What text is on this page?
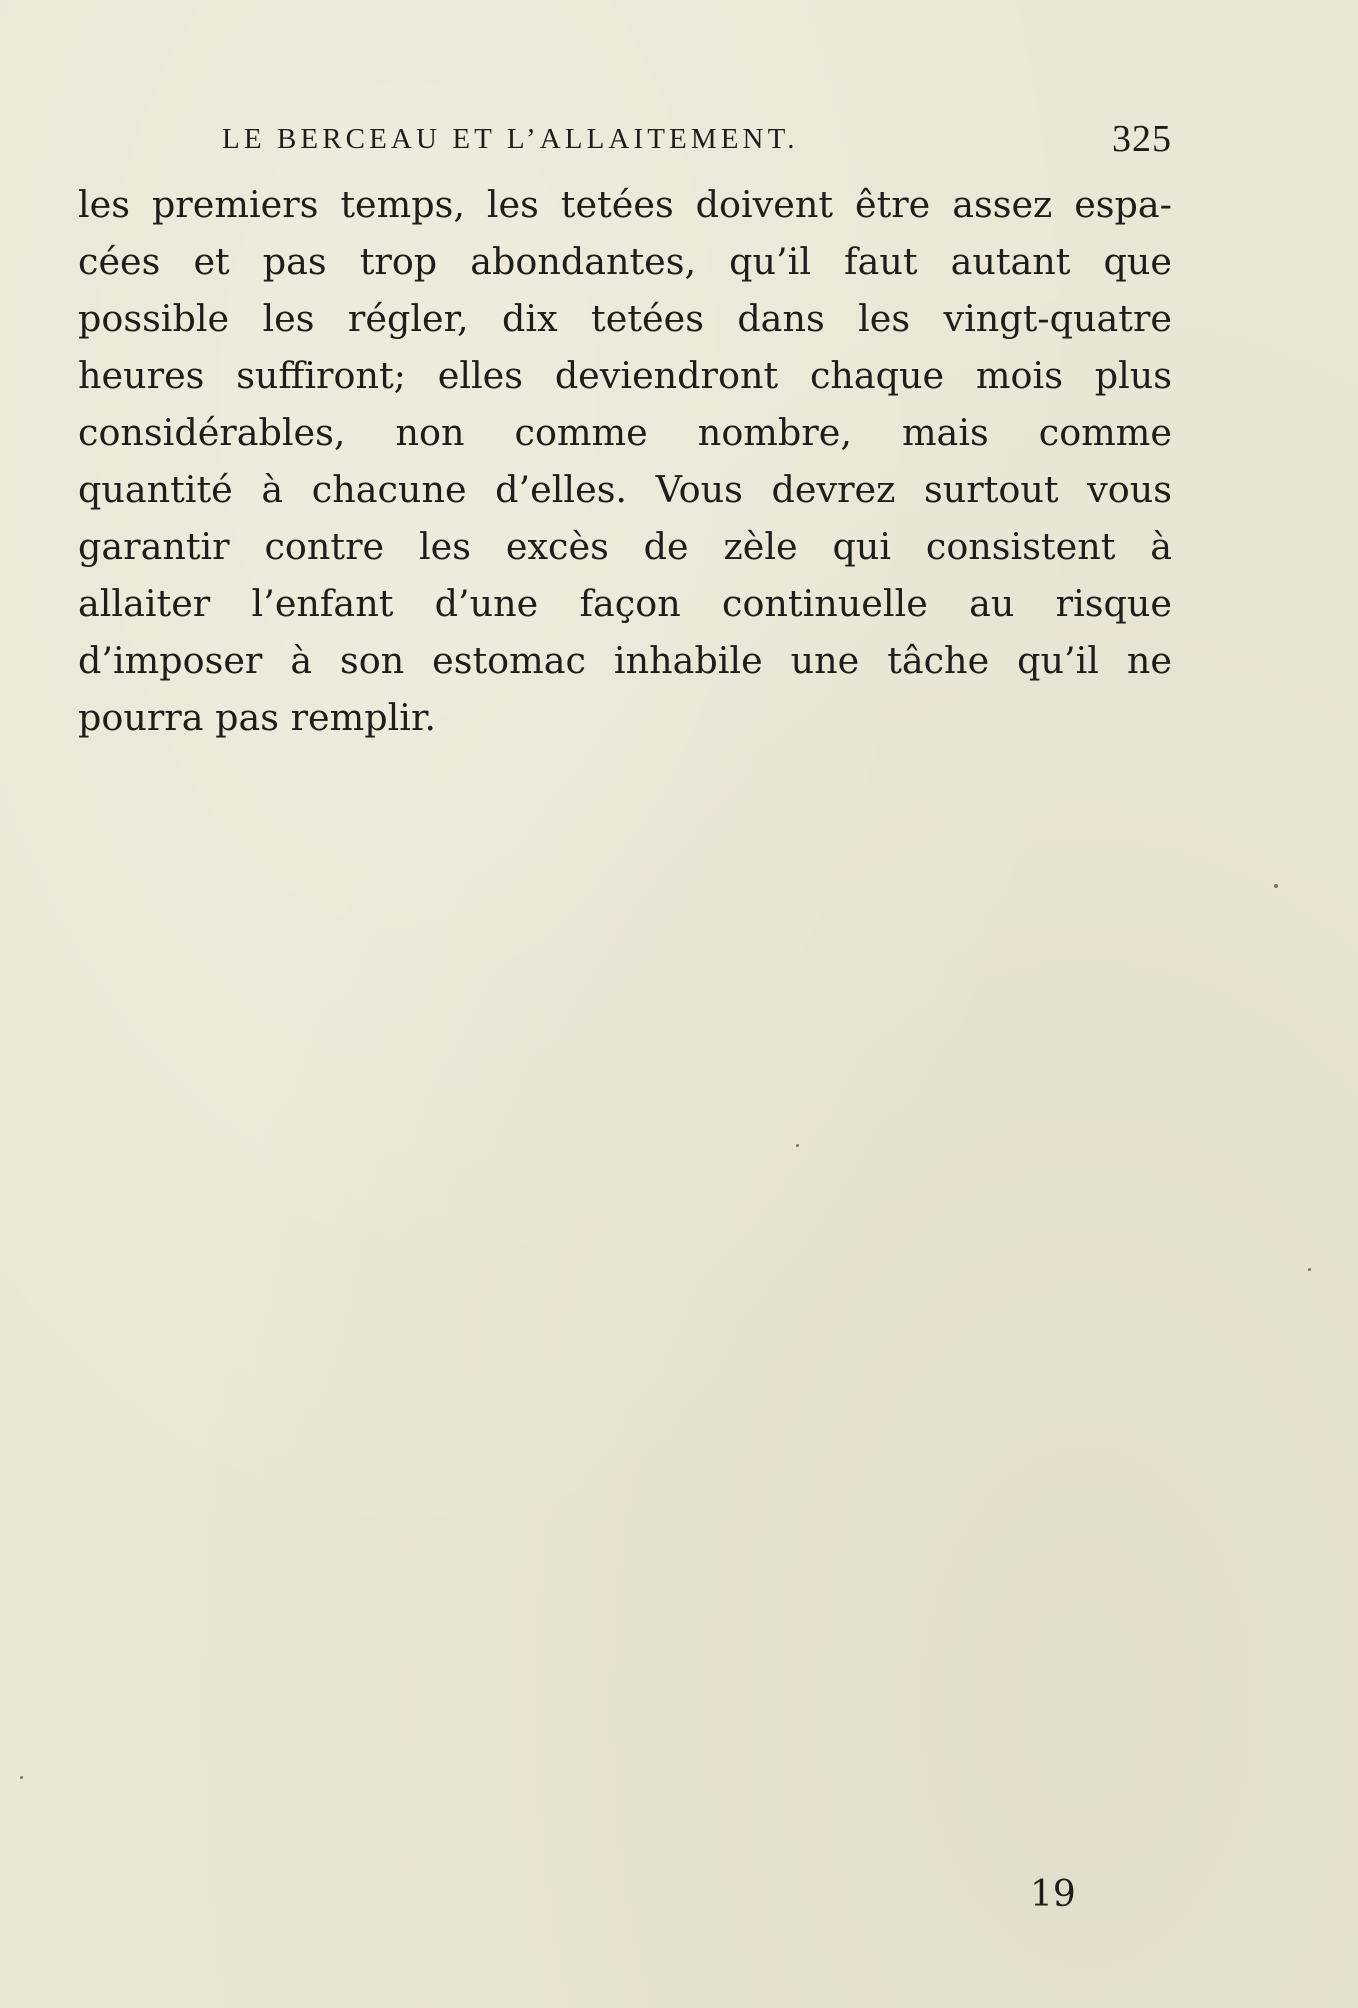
LE BERCEAU ET L’ALLAITEMENT.	325
les premiers temps, les tetées doivent être assez espa-
cées et pas trop abondantes, qu’il faut autant que
possible les régler, dix tetées dans les vingt-quatre
heures suffiront; elles deviendront chaque mois plus
considérables, non comme nombre, mais comme
quantité à chacune d’elles. Vous devrez surtout vous
garantir contre les excès de zèle qui consistent à
allaiter l’enfant d’une façon continuelle au risque
d’imposer à son estomac inhabile une tâche qu’il ne
pourra pas remplir.
19
